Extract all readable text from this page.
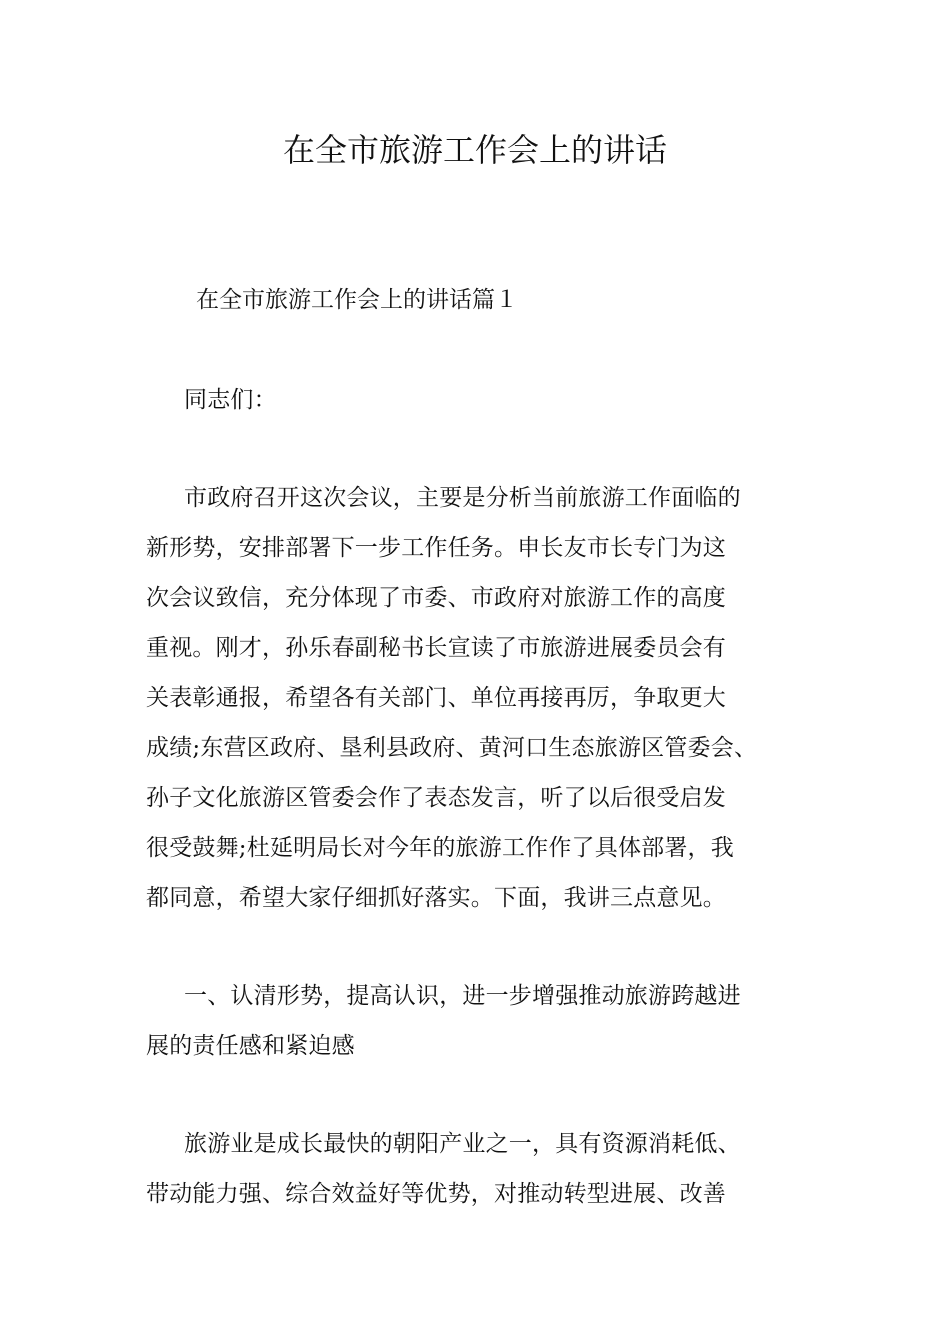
在全市旅游工作会上的讲话

在全市旅游工作会上的讲话篇１

同志们：

市政府召开这次会议，主要是分析当前旅游工作面临的

新形势，安排部署下一步工作任务。申长友市长专门为这

次会议致信，充分体现了市委、市政府对旅游工作的高度

重视。刚才，孙乐春副秘书长宣读了市旅游进展委员会有

关表彰通报，希望各有关部门、单位再接再厉，争取更大

成绩;东营区政府、垦利县政府、黄河口生态旅游区管委会、

孙子文化旅游区管委会作了表态发言，听了以后很受启发

很受鼓舞;杜延明局长对今年的旅游工作作了具体部署，我

都同意，希望大家仔细抓好落实。下面，我讲三点意见。

一、认清形势，提高认识，进一步增强推动旅游跨越进

展的责任感和紧迫感

旅游业是成长最快的朝阳产业之一，具有资源消耗低、

带动能力强、综合效益好等优势，对推动转型进展、改善
